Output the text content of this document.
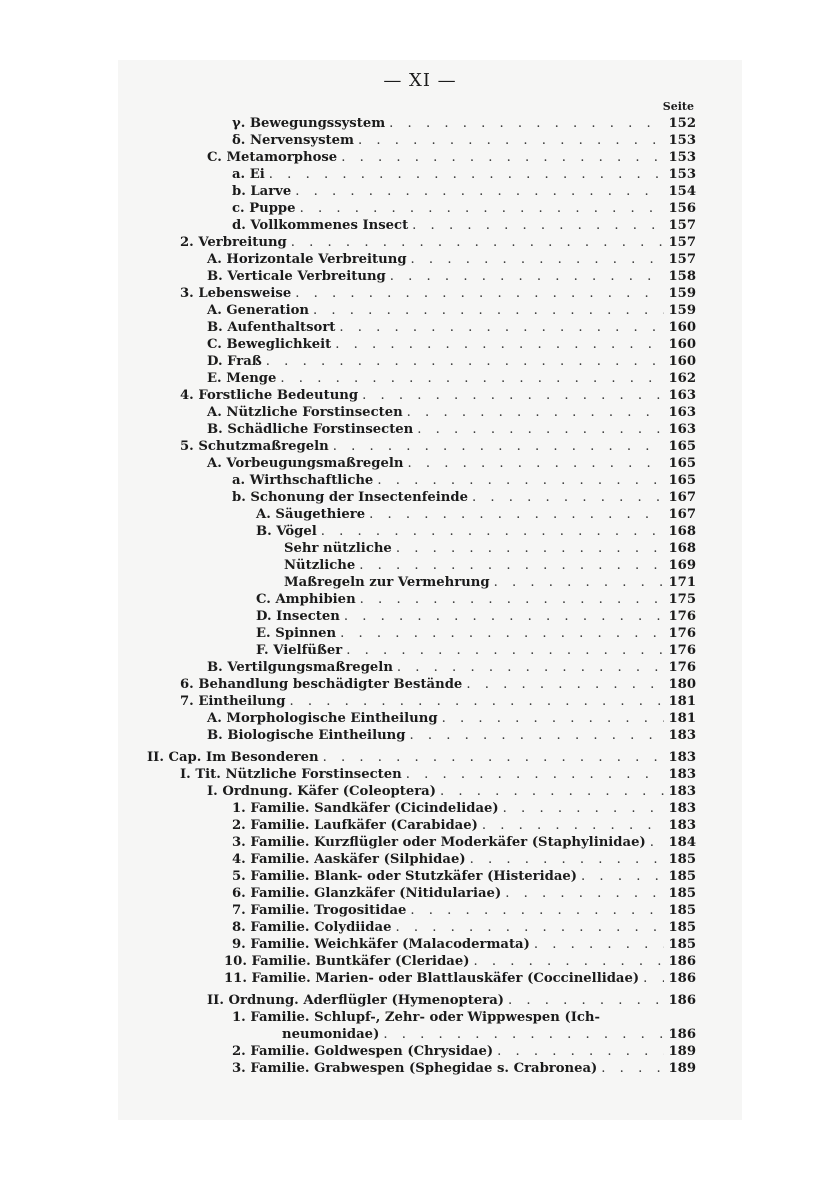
— XI —
Seite
γ. Bewegungssystem . . .	152
δ. Nervensystem . . .	153
C. Metamorphose . . .	153
a. Ei . . .	153
b. Larve . . .	154
c. Puppe . . .	156
d. Vollkommenes Insect . . .	157
2. Verbreitung . . .	157
A. Horizontale Verbreitung . . .	157
B. Verticale Verbreitung . . .	158
3. Lebensweise . . .	159
A. Generation . . .	159
B. Aufenthaltsort . . .	160
C. Beweglichkeit . . .	160
D. Fraß . . .	160
E. Menge . . .	162
4. Forstliche Bedeutung . . .	163
A. Nützliche Forstinsecten . . .	163
B. Schädliche Forstinsecten . . .	163
5. Schutzmaßregeln . . .	165
A. Vorbeugungsmaßregeln . . .	165
a. Wirthschaftliche . . .	165
b. Schonung der Insectenfeinde . . .	167
A. Säugethiere . . .	167
B. Vögel . . .	168
Sehr nützliche . . .	168
Nützliche . . .	169
Maßregeln zur Vermehrung . . .	171
C. Amphibien . . .	175
D. Insecten . . .	176
E. Spinnen . . .	176
F. Vielfüßer . . .	176
B. Vertilgungsmaßregeln . . .	176
6. Behandlung beschädigter Bestände . . .	180
7. Eintheilung . . .	181
A. Morphologische Eintheilung . . .	181
B. Biologische Eintheilung . . .	183
II. Cap. Im Besonderen . . .	183
I. Tit. Nützliche Forstinsecten . . .	183
I. Ordnung. Käfer (Coleoptera) . . .	183
1. Familie. Sandkäfer (Cicindelidae) . . .	183
2. Familie. Laufkäfer (Carabidae) . . .	183
3. Familie. Kurzflügler oder Moderkäfer (Staphylinidae) . . . 184
4. Familie. Aaskäfer (Silphidae) . . .	185
5. Familie. Blank- oder Stutzkäfer (Histeridae) . . .	185
6. Familie. Glanzkäfer (Nitidulariae) . . .	185
7. Familie. Trogositidae . . .	185
8. Familie. Colydiidae . . .	185
9. Familie. Weichkäfer (Malacodermata) . . .	185
10. Familie. Buntkäfer (Cleridae) . . .	186
11. Familie. Marien- oder Blattlauskäfer (Coccinellidae) . . . 186
II. Ordnung. Aderflügler (Hymenoptera) . . .	186
1. Familie. Schlupf-, Zehr- oder Wippwespen (Ich-
neumonidae) . . .	186
2. Familie. Goldwespen (Chrysidae) . . .	189
3. Familie. Grabwespen (Sphegidae s. Crabronea) . . .	189
